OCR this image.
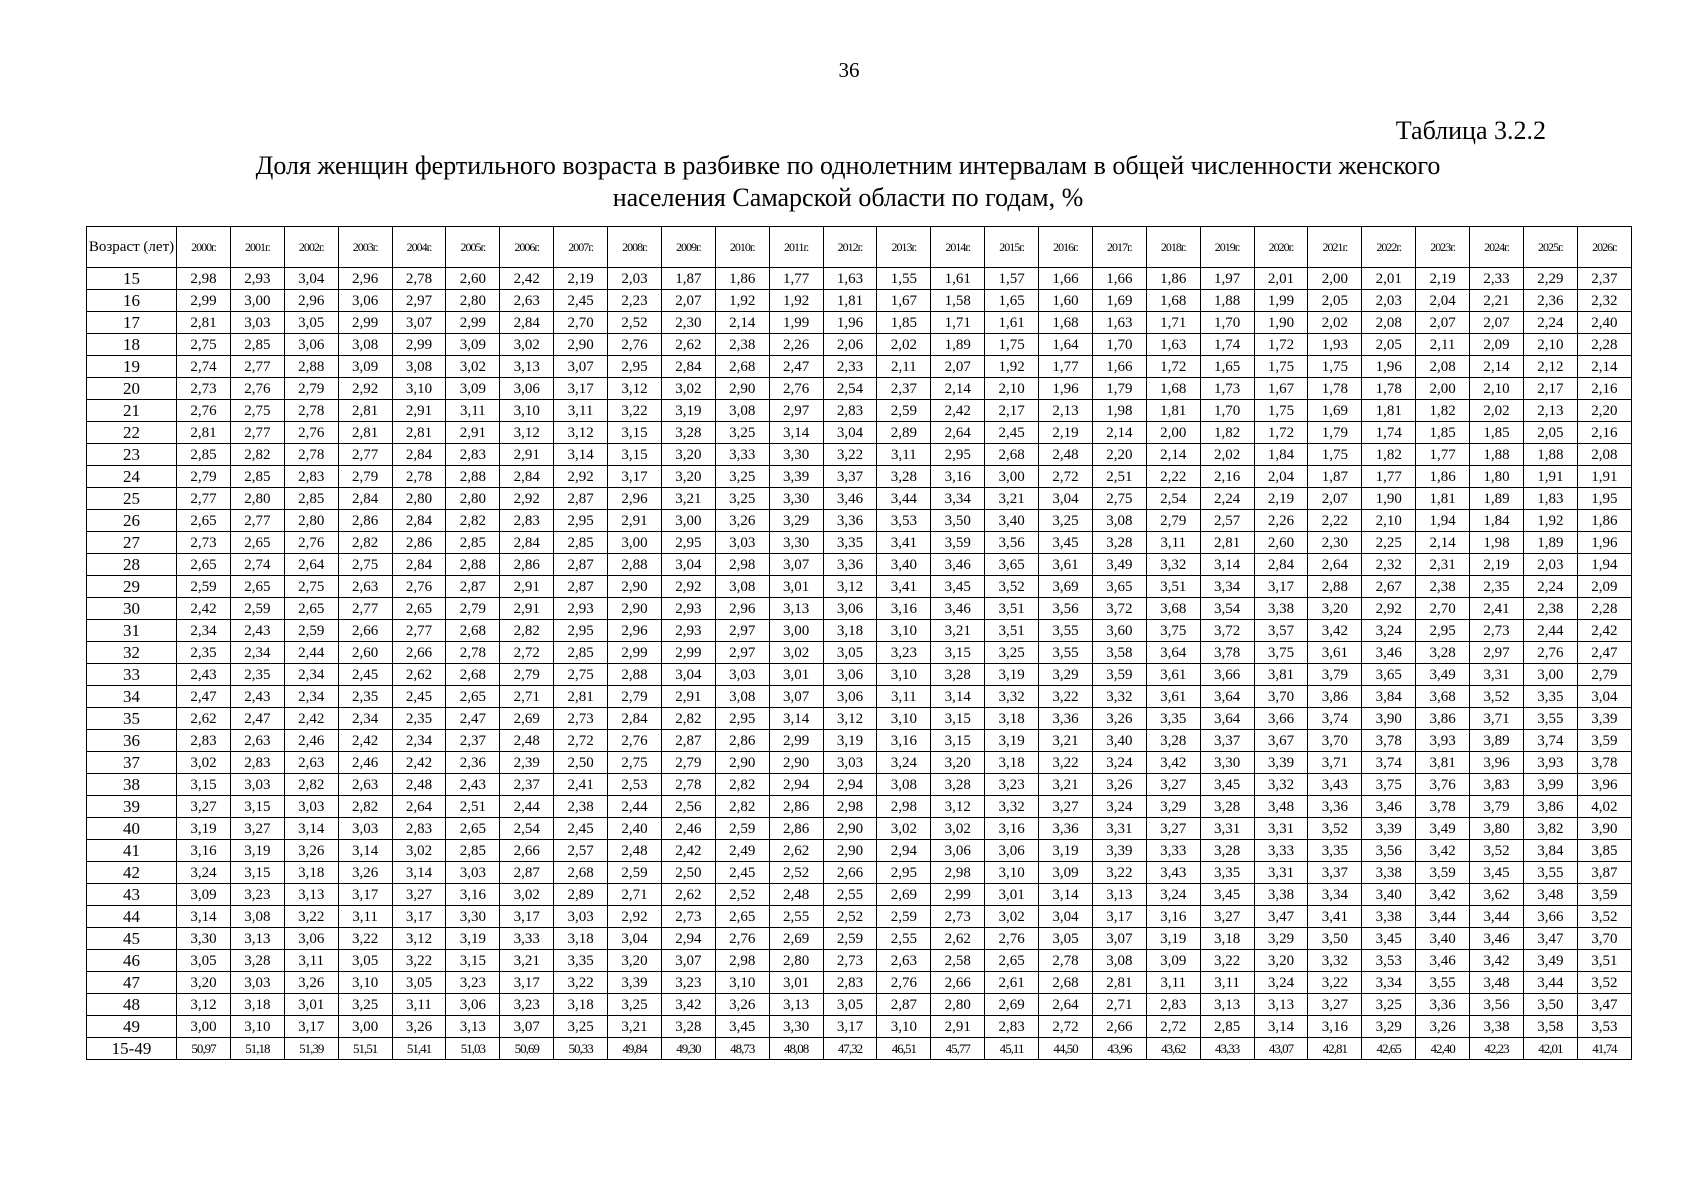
36
Таблица 3.2.2
Доля женщин фертильного возраста в разбивке по однолетним интервалам в общей численности женского
населения Самарской области по годам, %
Возраст (лет)	2000г.	2001г.	2002г.	2003г.	2004г.	2005г.	2006г.	2007г.	2008г.	2009г.	2010г.	2011г.	2012г.	2013г.	2014г.	2015г.	2016г.	2017г.	2018г.	2019г.	2020г.	2021г.	2022г.	2023г.	2024г.	2025г.	2026г.
15	2,98	2,93	3,04	2,96	2,78	2,60	2,42	2,19	2,03	1,87	1,86	1,77	1,63	1,55	1,61	1,57	1,66	1,66	1,86	1,97	2,01	2,00	2,01	2,19	2,33	2,29	2,37
16	2,99	3,00	2,96	3,06	2,97	2,80	2,63	2,45	2,23	2,07	1,92	1,92	1,81	1,67	1,58	1,65	1,60	1,69	1,68	1,88	1,99	2,05	2,03	2,04	2,21	2,36	2,32
17	2,81	3,03	3,05	2,99	3,07	2,99	2,84	2,70	2,52	2,30	2,14	1,99	1,96	1,85	1,71	1,61	1,68	1,63	1,71	1,70	1,90	2,02	2,08	2,07	2,07	2,24	2,40
18	2,75	2,85	3,06	3,08	2,99	3,09	3,02	2,90	2,76	2,62	2,38	2,26	2,06	2,02	1,89	1,75	1,64	1,70	1,63	1,74	1,72	1,93	2,05	2,11	2,09	2,10	2,28
19	2,74	2,77	2,88	3,09	3,08	3,02	3,13	3,07	2,95	2,84	2,68	2,47	2,33	2,11	2,07	1,92	1,77	1,66	1,72	1,65	1,75	1,75	1,96	2,08	2,14	2,12	2,14
20	2,73	2,76	2,79	2,92	3,10	3,09	3,06	3,17	3,12	3,02	2,90	2,76	2,54	2,37	2,14	2,10	1,96	1,79	1,68	1,73	1,67	1,78	1,78	2,00	2,10	2,17	2,16
21	2,76	2,75	2,78	2,81	2,91	3,11	3,10	3,11	3,22	3,19	3,08	2,97	2,83	2,59	2,42	2,17	2,13	1,98	1,81	1,70	1,75	1,69	1,81	1,82	2,02	2,13	2,20
22	2,81	2,77	2,76	2,81	2,81	2,91	3,12	3,12	3,15	3,28	3,25	3,14	3,04	2,89	2,64	2,45	2,19	2,14	2,00	1,82	1,72	1,79	1,74	1,85	1,85	2,05	2,16
23	2,85	2,82	2,78	2,77	2,84	2,83	2,91	3,14	3,15	3,20	3,33	3,30	3,22	3,11	2,95	2,68	2,48	2,20	2,14	2,02	1,84	1,75	1,82	1,77	1,88	1,88	2,08
24	2,79	2,85	2,83	2,79	2,78	2,88	2,84	2,92	3,17	3,20	3,25	3,39	3,37	3,28	3,16	3,00	2,72	2,51	2,22	2,16	2,04	1,87	1,77	1,86	1,80	1,91	1,91
25	2,77	2,80	2,85	2,84	2,80	2,80	2,92	2,87	2,96	3,21	3,25	3,30	3,46	3,44	3,34	3,21	3,04	2,75	2,54	2,24	2,19	2,07	1,90	1,81	1,89	1,83	1,95
26	2,65	2,77	2,80	2,86	2,84	2,82	2,83	2,95	2,91	3,00	3,26	3,29	3,36	3,53	3,50	3,40	3,25	3,08	2,79	2,57	2,26	2,22	2,10	1,94	1,84	1,92	1,86
27	2,73	2,65	2,76	2,82	2,86	2,85	2,84	2,85	3,00	2,95	3,03	3,30	3,35	3,41	3,59	3,56	3,45	3,28	3,11	2,81	2,60	2,30	2,25	2,14	1,98	1,89	1,96
28	2,65	2,74	2,64	2,75	2,84	2,88	2,86	2,87	2,88	3,04	2,98	3,07	3,36	3,40	3,46	3,65	3,61	3,49	3,32	3,14	2,84	2,64	2,32	2,31	2,19	2,03	1,94
29	2,59	2,65	2,75	2,63	2,76	2,87	2,91	2,87	2,90	2,92	3,08	3,01	3,12	3,41	3,45	3,52	3,69	3,65	3,51	3,34	3,17	2,88	2,67	2,38	2,35	2,24	2,09
30	2,42	2,59	2,65	2,77	2,65	2,79	2,91	2,93	2,90	2,93	2,96	3,13	3,06	3,16	3,46	3,51	3,56	3,72	3,68	3,54	3,38	3,20	2,92	2,70	2,41	2,38	2,28
31	2,34	2,43	2,59	2,66	2,77	2,68	2,82	2,95	2,96	2,93	2,97	3,00	3,18	3,10	3,21	3,51	3,55	3,60	3,75	3,72	3,57	3,42	3,24	2,95	2,73	2,44	2,42
32	2,35	2,34	2,44	2,60	2,66	2,78	2,72	2,85	2,99	2,99	2,97	3,02	3,05	3,23	3,15	3,25	3,55	3,58	3,64	3,78	3,75	3,61	3,46	3,28	2,97	2,76	2,47
33	2,43	2,35	2,34	2,45	2,62	2,68	2,79	2,75	2,88	3,04	3,03	3,01	3,06	3,10	3,28	3,19	3,29	3,59	3,61	3,66	3,81	3,79	3,65	3,49	3,31	3,00	2,79
34	2,47	2,43	2,34	2,35	2,45	2,65	2,71	2,81	2,79	2,91	3,08	3,07	3,06	3,11	3,14	3,32	3,22	3,32	3,61	3,64	3,70	3,86	3,84	3,68	3,52	3,35	3,04
35	2,62	2,47	2,42	2,34	2,35	2,47	2,69	2,73	2,84	2,82	2,95	3,14	3,12	3,10	3,15	3,18	3,36	3,26	3,35	3,64	3,66	3,74	3,90	3,86	3,71	3,55	3,39
36	2,83	2,63	2,46	2,42	2,34	2,37	2,48	2,72	2,76	2,87	2,86	2,99	3,19	3,16	3,15	3,19	3,21	3,40	3,28	3,37	3,67	3,70	3,78	3,93	3,89	3,74	3,59
37	3,02	2,83	2,63	2,46	2,42	2,36	2,39	2,50	2,75	2,79	2,90	2,90	3,03	3,24	3,20	3,18	3,22	3,24	3,42	3,30	3,39	3,71	3,74	3,81	3,96	3,93	3,78
38	3,15	3,03	2,82	2,63	2,48	2,43	2,37	2,41	2,53	2,78	2,82	2,94	2,94	3,08	3,28	3,23	3,21	3,26	3,27	3,45	3,32	3,43	3,75	3,76	3,83	3,99	3,96
39	3,27	3,15	3,03	2,82	2,64	2,51	2,44	2,38	2,44	2,56	2,82	2,86	2,98	2,98	3,12	3,32	3,27	3,24	3,29	3,28	3,48	3,36	3,46	3,78	3,79	3,86	4,02
40	3,19	3,27	3,14	3,03	2,83	2,65	2,54	2,45	2,40	2,46	2,59	2,86	2,90	3,02	3,02	3,16	3,36	3,31	3,27	3,31	3,31	3,52	3,39	3,49	3,80	3,82	3,90
41	3,16	3,19	3,26	3,14	3,02	2,85	2,66	2,57	2,48	2,42	2,49	2,62	2,90	2,94	3,06	3,06	3,19	3,39	3,33	3,28	3,33	3,35	3,56	3,42	3,52	3,84	3,85
42	3,24	3,15	3,18	3,26	3,14	3,03	2,87	2,68	2,59	2,50	2,45	2,52	2,66	2,95	2,98	3,10	3,09	3,22	3,43	3,35	3,31	3,37	3,38	3,59	3,45	3,55	3,87
43	3,09	3,23	3,13	3,17	3,27	3,16	3,02	2,89	2,71	2,62	2,52	2,48	2,55	2,69	2,99	3,01	3,14	3,13	3,24	3,45	3,38	3,34	3,40	3,42	3,62	3,48	3,59
44	3,14	3,08	3,22	3,11	3,17	3,30	3,17	3,03	2,92	2,73	2,65	2,55	2,52	2,59	2,73	3,02	3,04	3,17	3,16	3,27	3,47	3,41	3,38	3,44	3,44	3,66	3,52
45	3,30	3,13	3,06	3,22	3,12	3,19	3,33	3,18	3,04	2,94	2,76	2,69	2,59	2,55	2,62	2,76	3,05	3,07	3,19	3,18	3,29	3,50	3,45	3,40	3,46	3,47	3,70
46	3,05	3,28	3,11	3,05	3,22	3,15	3,21	3,35	3,20	3,07	2,98	2,80	2,73	2,63	2,58	2,65	2,78	3,08	3,09	3,22	3,20	3,32	3,53	3,46	3,42	3,49	3,51
47	3,20	3,03	3,26	3,10	3,05	3,23	3,17	3,22	3,39	3,23	3,10	3,01	2,83	2,76	2,66	2,61	2,68	2,81	3,11	3,11	3,24	3,22	3,34	3,55	3,48	3,44	3,52
48	3,12	3,18	3,01	3,25	3,11	3,06	3,23	3,18	3,25	3,42	3,26	3,13	3,05	2,87	2,80	2,69	2,64	2,71	2,83	3,13	3,13	3,27	3,25	3,36	3,56	3,50	3,47
49	3,00	3,10	3,17	3,00	3,26	3,13	3,07	3,25	3,21	3,28	3,45	3,30	3,17	3,10	2,91	2,83	2,72	2,66	2,72	2,85	3,14	3,16	3,29	3,26	3,38	3,58	3,53
15-49	50,97	51,18	51,39	51,51	51,41	51,03	50,69	50,33	49,84	49,30	48,73	48,08	47,32	46,51	45,77	45,11	44,50	43,96	43,62	43,33	43,07	42,81	42,65	42,40	42,23	42,01	41,74
